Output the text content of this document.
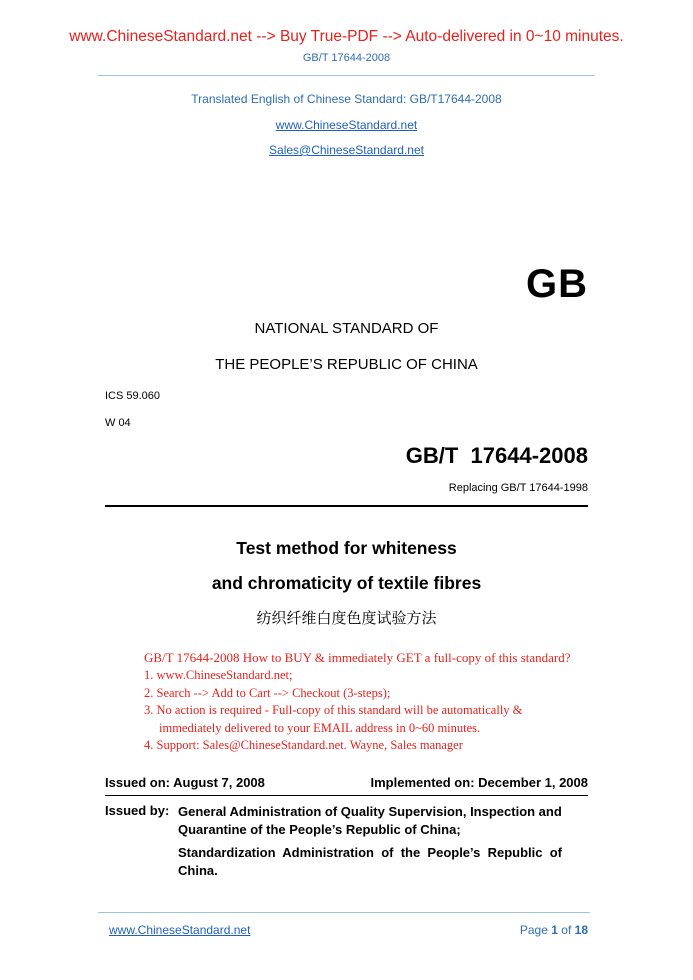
www.ChineseStandard.net --> Buy True-PDF --> Auto-delivered in 0~10 minutes.
GB/T 17644-2008
Translated English of Chinese Standard: GB/T17644-2008
www.ChineseStandard.net
Sales@ChineseStandard.net
GB
NATIONAL STANDARD OF
THE PEOPLE’S REPUBLIC OF CHINA
ICS 59.060
W 04
GB/T  17644-2008
Replacing GB/T 17644-1998
Test method for whiteness
and chromaticity of textile fibres
纺织纤维白度色度试验方法
GB/T 17644-2008 How to BUY & immediately GET a full-copy of this standard?
1. www.ChineseStandard.net;
2. Search --> Add to Cart --> Checkout (3-steps);
3. No action is required - Full-copy of this standard will be automatically &
immediately delivered to your EMAIL address in 0~60 minutes.
4. Support: Sales@ChineseStandard.net. Wayne, Sales manager
Issued on: August 7, 2008	Implemented on: December 1, 2008
Issued by: General Administration of Quality Supervision, Inspection and
Quarantine of the People’s Republic of China;
Standardization  Administration  of  the  People’s  Republic  of
China.
www.ChineseStandard.net	Page 1 of 18
